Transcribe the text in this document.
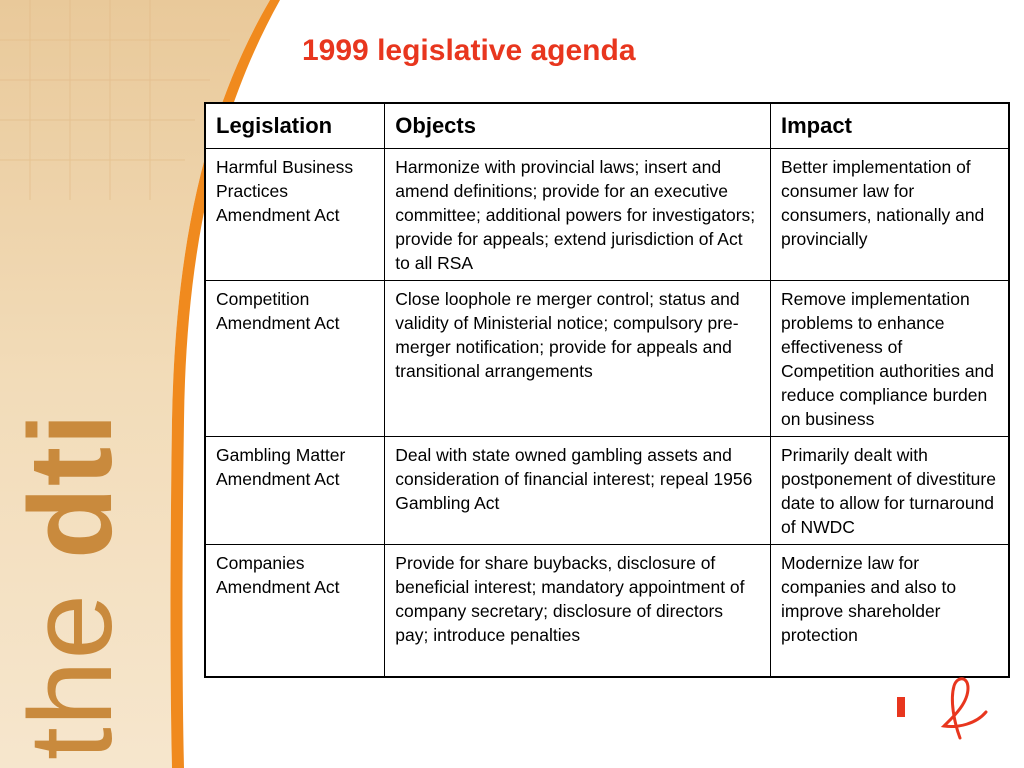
the dti
1999 legislative agenda
Legislation	Objects	Impact
Harmful Business Practices Amendment Act	Harmonize with provincial laws; insert and amend definitions; provide for an executive committee; additional powers for investigators; provide for appeals; extend jurisdiction of Act to all RSA	Better implementation of consumer law for consumers, nationally and provincially
Competition Amendment Act	Close loophole re merger control; status and validity of Ministerial notice; compulsory pre-merger notification; provide for appeals and transitional arrangements	Remove implementation problems to enhance effectiveness of Competition authorities and reduce compliance burden on business
Gambling Matter Amendment Act	Deal with state owned gambling assets and consideration of financial interest; repeal 1956 Gambling Act	Primarily dealt with postponement of divestiture date to allow for turnaround of NWDC
Companies Amendment Act	Provide for share buybacks, disclosure of beneficial interest; mandatory appointment of company secretary; disclosure of directors pay; introduce penalties	Modernize law for companies and also to improve shareholder protection
